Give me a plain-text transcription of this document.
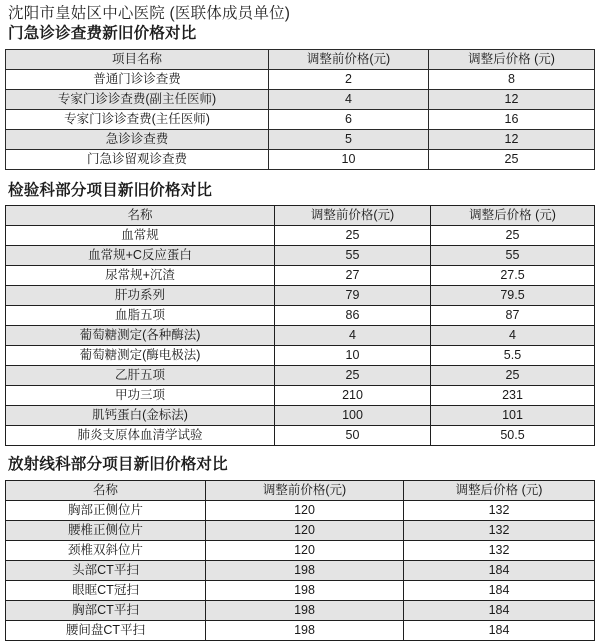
沈阳市皇姑区中心医院 (医联体成员单位)
门急诊诊查费新旧价格对比
项目名称	调整前价格(元)	调整后价格 (元)
普通门诊诊查费	2	8
专家门诊诊查费(副主任医师)	4	12
专家门诊诊查费(主任医师)	6	16
急诊诊查费	5	12
门急诊留观诊查费	10	25
检验科部分项目新旧价格对比
名称	调整前价格(元)	调整后价格 (元)
血常规	25	25
血常规+C反应蛋白	55	55
尿常规+沉渣	27	27.5
肝功系列	79	79.5
血脂五项	86	87
葡萄糖测定(各种酶法)	4	4
葡萄糖测定(酶电极法)	10	5.5
乙肝五项	25	25
甲功三项	210	231
肌钙蛋白(金标法)	100	101
肺炎支原体血清学试验	50	50.5
放射线科部分项目新旧价格对比
名称	调整前价格(元)	调整后价格 (元)
胸部正侧位片	120	132
腰椎正侧位片	120	132
颈椎双斜位片	120	132
头部CT平扫	198	184
眼眶CT冠扫	198	184
胸部CT平扫	198	184
腰间盘CT平扫	198	184
